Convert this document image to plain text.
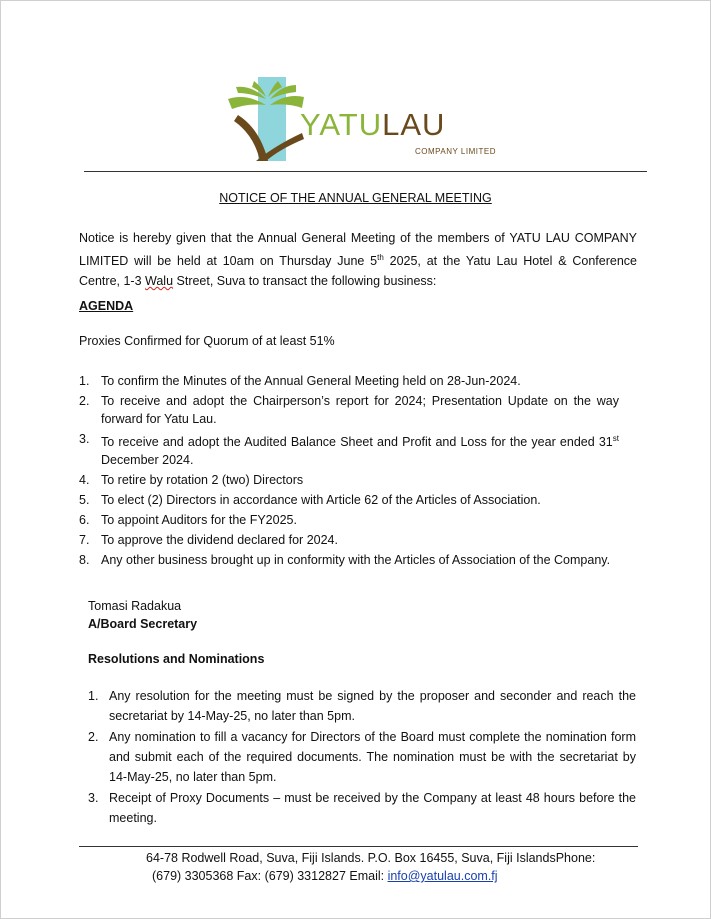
YATULAU
COMPANY LIMITED
NOTICE OF THE ANNUAL GENERAL MEETING
Notice is hereby given that the Annual General Meeting of the members of YATU LAU COMPANY LIMITED will be held at 10am on Thursday June 5th 2025, at the Yatu Lau Hotel & Conference Centre, 1-3 Walu Street, Suva to transact the following business:
AGENDA
Proxies Confirmed for Quorum of at least 51%
1. To confirm the Minutes of the Annual General Meeting held on 28-Jun-2024.
2. To receive and adopt the Chairperson’s report for 2024; Presentation Update on the way forward for Yatu Lau.
3. To receive and adopt the Audited Balance Sheet and Profit and Loss for the year ended 31st December 2024.
4. To retire by rotation 2 (two) Directors
5. To elect (2) Directors in accordance with Article 62 of the Articles of Association.
6. To appoint Auditors for the FY2025.
7. To approve the dividend declared for 2024.
8. Any other business brought up in conformity with the Articles of Association of the Company.
Tomasi Radakua
A/Board Secretary
Resolutions and Nominations
1. Any resolution for the meeting must be signed by the proposer and seconder and reach the secretariat by 14-May-25, no later than 5pm.
2. Any nomination to fill a vacancy for Directors of the Board must complete the nomination form and submit each of the required documents. The nomination must be with the secretariat by 14-May-25, no later than 5pm.
3. Receipt of Proxy Documents – must be received by the Company at least 48 hours before the meeting.
64-78 Rodwell Road, Suva, Fiji Islands. P.O. Box 16455, Suva, Fiji IslandsPhone:
(679) 3305368 Fax: (679) 3312827 Email: info@yatulau.com.fj
